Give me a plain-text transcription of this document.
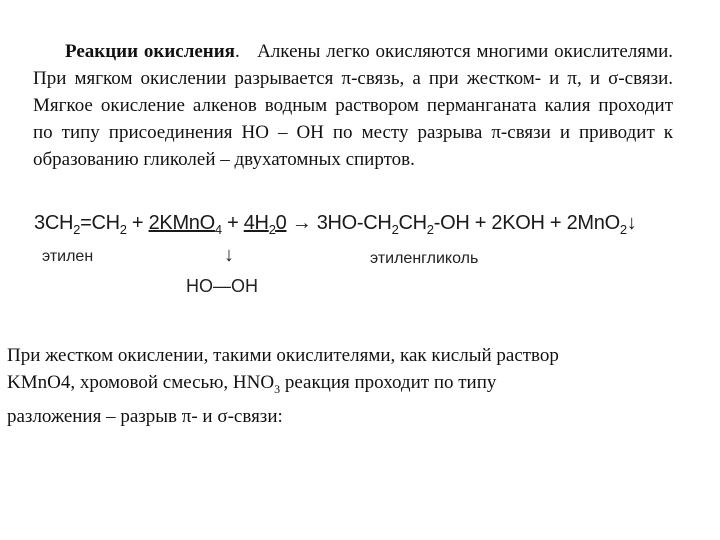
Реакции окисления. Алкены легко окисляются многими окислителями. При мягком окислении разрывается π-связь, а при жестком- и π, и σ-связи. Мягкое окисление алкенов водным раствором перманганата калия проходит по типу присоединения НО – ОН по месту разрыва π-связи и приводит к образованию гликолей – двухатомных спиртов.
$3CH_2=CH_2$ + 2KMnO$_4$ + $4H_20 \to 3HO-CH_2CH_2-OH + 2KOH$ + 2MnO$_2$↓
этилен	↓
HO—OH
этиленгликоль
При жестком окислении, такими окислителями, как кислый раствор
KMnO4, хромовой смесью, $HNO_3$ реакция проходит по типу
разложения – разрыв π- и σ-связи:
